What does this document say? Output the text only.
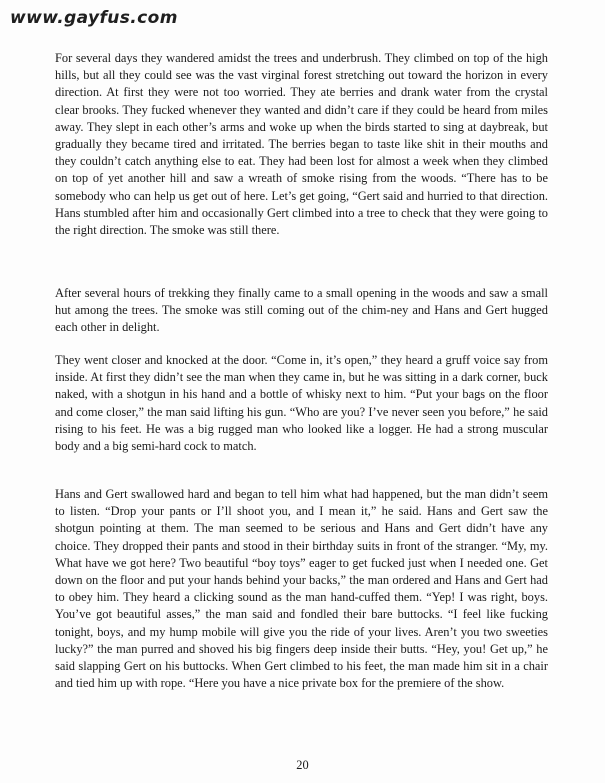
www.gayfus.com

For several days they wandered amidst the trees and underbrush. They climbed on top of the high hills, but all they could see was the vast virginal forest stretching out toward the horizon in every direction. At first they were not too worried. They ate berries and drank water from the crystal clear brooks. They fucked whenever they wanted and didn’t care if they could be heard from miles away. They slept in each other’s arms and woke up when the birds started to sing at daybreak, but gradually they became tired and irritated. The berries began to taste like shit in their mouths and they couldn’t catch anything else to eat. They had been lost for almost a week when they climbed on top of yet another hill and saw a wreath of smoke rising from the woods. “There has to be somebody who can help us get out of here. Let’s get going, “Gert said and hurried to that direction. Hans stumbled after him and occasionally Gert climbed into a tree to check that they were going to the right direction. The smoke was still there.

After several hours of trekking they finally came to a small opening in the woods and saw a small hut among the trees. The smoke was still coming out of the chim-ney and Hans and Gert hugged each other in delight.

They went closer and knocked at the door. “Come in, it’s open,” they heard a gruff voice say from inside. At first they didn’t see the man when they came in, but he was sitting in a dark corner, buck naked, with a shotgun in his hand and a bottle of whisky next to him. “Put your bags on the floor and come closer,” the man said lifting his gun. “Who are you? I’ve never seen you before,” he said rising to his feet. He was a big rugged man who looked like a logger. He had a strong muscular body and a big semi-hard cock to match.

Hans and Gert swallowed hard and began to tell him what had happened, but the man didn’t seem to listen. “Drop your pants or I’ll shoot you, and I mean it,” he said. Hans and Gert saw the shotgun pointing at them. The man seemed to be serious and Hans and Gert didn’t have any choice. They dropped their pants and stood in their birthday suits in front of the stranger. “My, my. What have we got here? Two beautiful “boy toys” eager to get fucked just when I needed one. Get down on the floor and put your hands behind your backs,” the man ordered and Hans and Gert had to obey him. They heard a clicking sound as the man hand-cuffed them. “Yep! I was right, boys. You’ve got beautiful asses,” the man said and fondled their bare buttocks. “I feel like fucking tonight, boys, and my hump mobile will give you the ride of your lives. Aren’t you two sweeties lucky?” the man purred and shoved his big fingers deep inside their butts. “Hey, you! Get up,” he said slapping Gert on his buttocks. When Gert climbed to his feet, the man made him sit in a chair and tied him up with rope. “Here you have a nice private box for the premiere of the show.

20
